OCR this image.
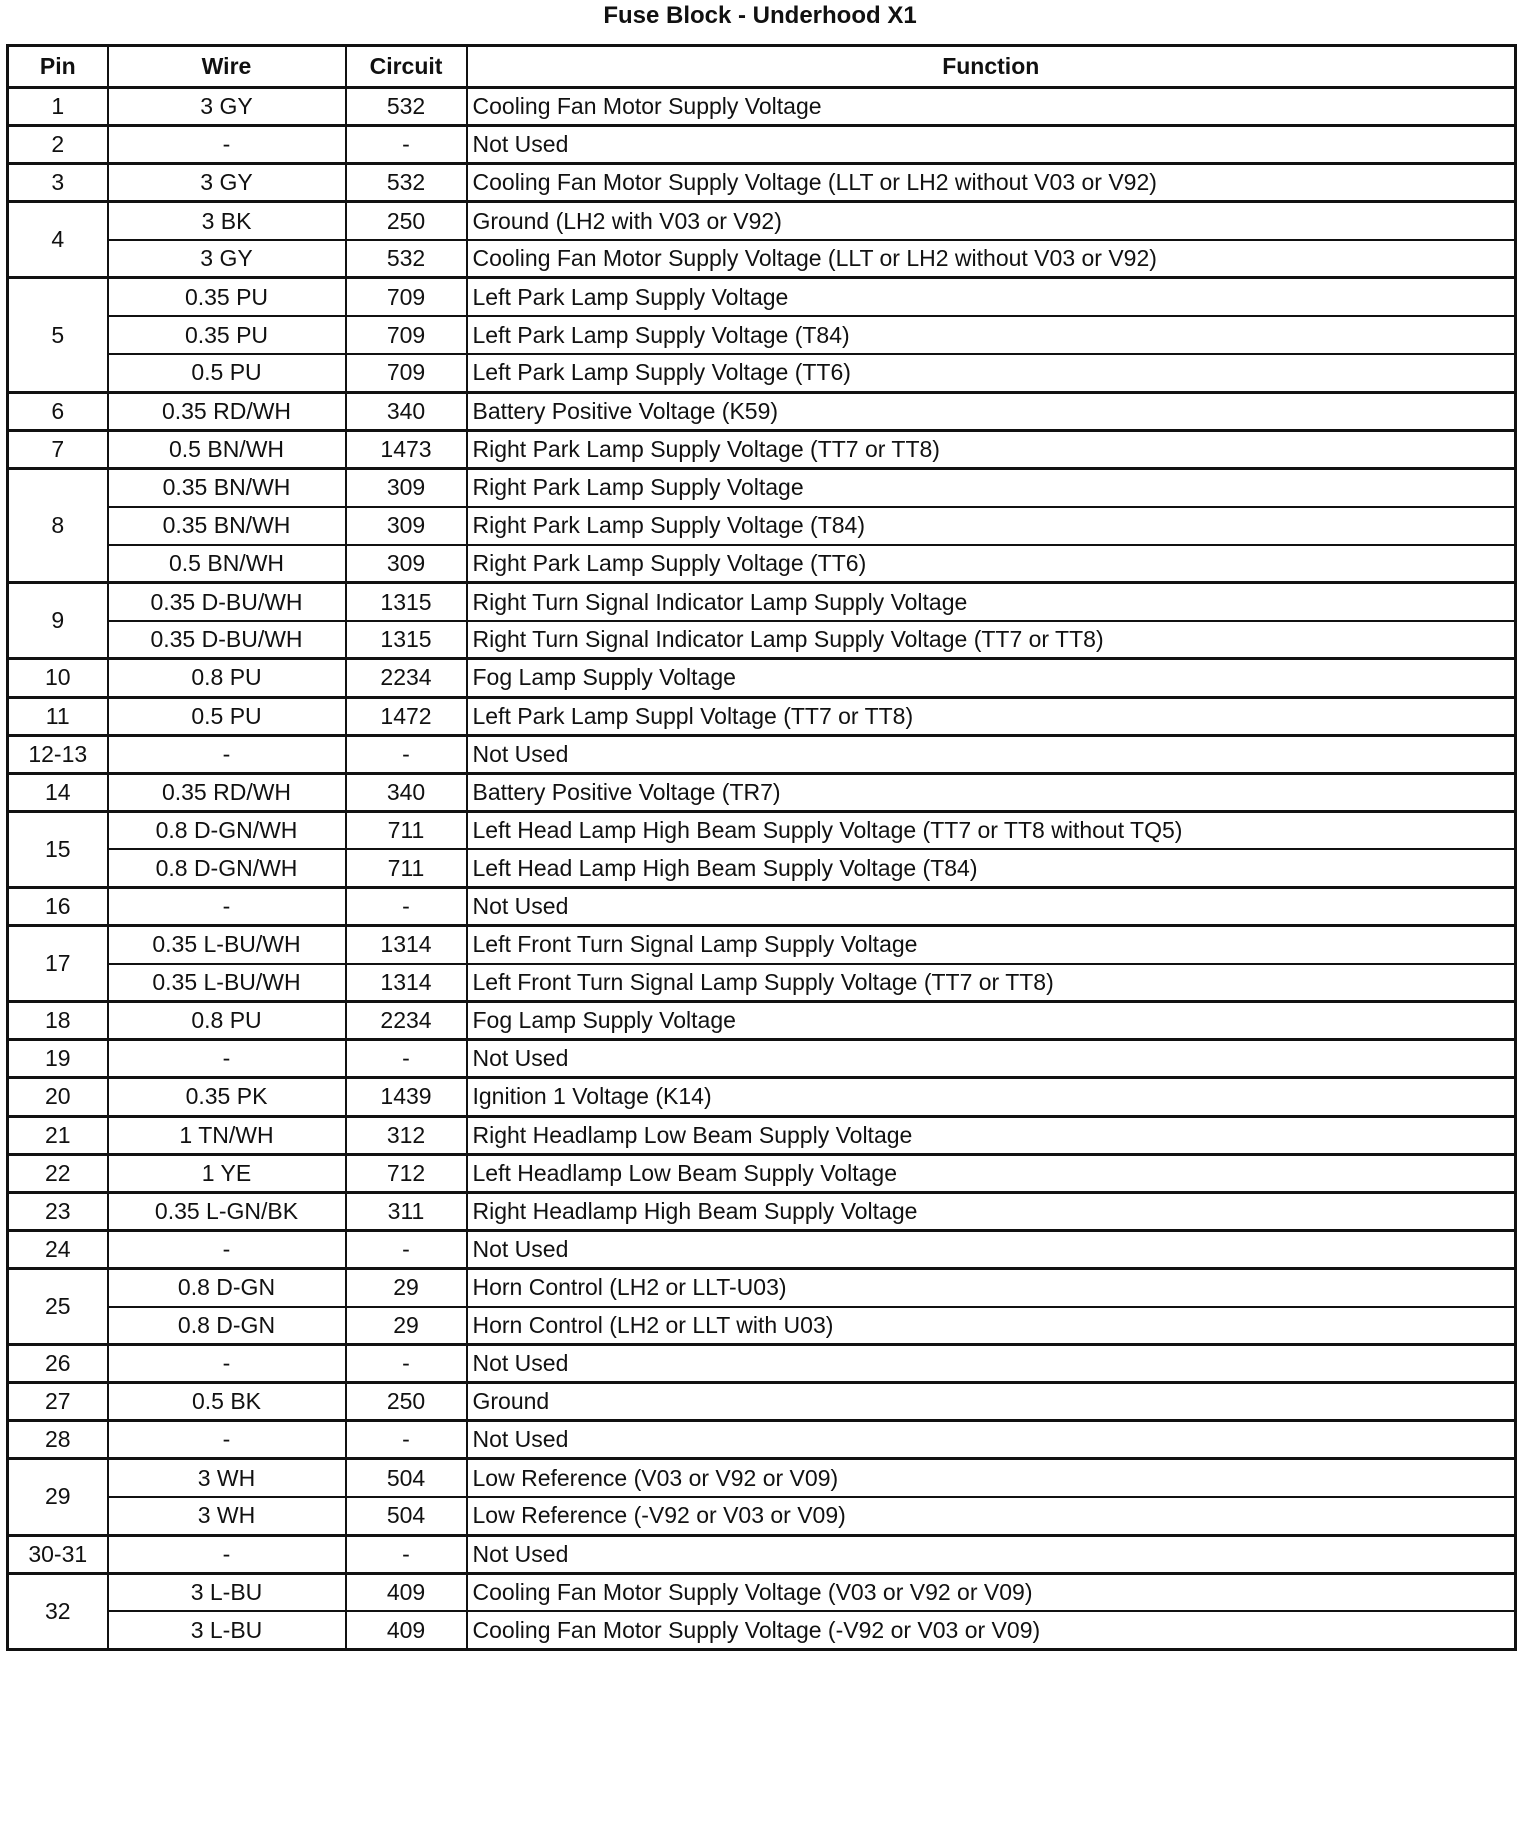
Fuse Block - Underhood X1
Pin	Wire	Circuit	Function
1	3 GY	532	Cooling Fan Motor Supply Voltage
2	-	-	Not Used
3	3 GY	532	Cooling Fan Motor Supply Voltage (LLT or LH2 without V03 or V92)
4	3 BK	250	Ground (LH2 with V03 or V92)
	3 GY	532	Cooling Fan Motor Supply Voltage (LLT or LH2 without V03 or V92)
5	0.35 PU	709	Left Park Lamp Supply Voltage
	0.35 PU	709	Left Park Lamp Supply Voltage (T84)
	0.5 PU	709	Left Park Lamp Supply Voltage (TT6)
6	0.35 RD/WH	340	Battery Positive Voltage (K59)
7	0.5 BN/WH	1473	Right Park Lamp Supply Voltage (TT7 or TT8)
8	0.35 BN/WH	309	Right Park Lamp Supply Voltage
	0.35 BN/WH	309	Right Park Lamp Supply Voltage (T84)
	0.5 BN/WH	309	Right Park Lamp Supply Voltage (TT6)
9	0.35 D-BU/WH	1315	Right Turn Signal Indicator Lamp Supply Voltage
	0.35 D-BU/WH	1315	Right Turn Signal Indicator Lamp Supply Voltage (TT7 or TT8)
10	0.8 PU	2234	Fog Lamp Supply Voltage
11	0.5 PU	1472	Left Park Lamp Suppl Voltage (TT7 or TT8)
12-13	-	-	Not Used
14	0.35 RD/WH	340	Battery Positive Voltage (TR7)
15	0.8 D-GN/WH	711	Left Head Lamp High Beam Supply Voltage (TT7 or TT8 without TQ5)
	0.8 D-GN/WH	711	Left Head Lamp High Beam Supply Voltage (T84)
16	-	-	Not Used
17	0.35 L-BU/WH	1314	Left Front Turn Signal Lamp Supply Voltage
	0.35 L-BU/WH	1314	Left Front Turn Signal Lamp Supply Voltage (TT7 or TT8)
18	0.8 PU	2234	Fog Lamp Supply Voltage
19	-	-	Not Used
20	0.35 PK	1439	Ignition 1 Voltage (K14)
21	1 TN/WH	312	Right Headlamp Low Beam Supply Voltage
22	1 YE	712	Left Headlamp Low Beam Supply Voltage
23	0.35 L-GN/BK	311	Right Headlamp High Beam Supply Voltage
24	-	-	Not Used
25	0.8 D-GN	29	Horn Control (LH2 or LLT-U03)
	0.8 D-GN	29	Horn Control (LH2 or LLT with U03)
26	-	-	Not Used
27	0.5 BK	250	Ground
28	-	-	Not Used
29	3 WH	504	Low Reference (V03 or V92 or V09)
	3 WH	504	Low Reference (-V92 or V03 or V09)
30-31	-	-	Not Used
32	3 L-BU	409	Cooling Fan Motor Supply Voltage (V03 or V92 or V09)
	3 L-BU	409	Cooling Fan Motor Supply Voltage (-V92 or V03 or V09)
